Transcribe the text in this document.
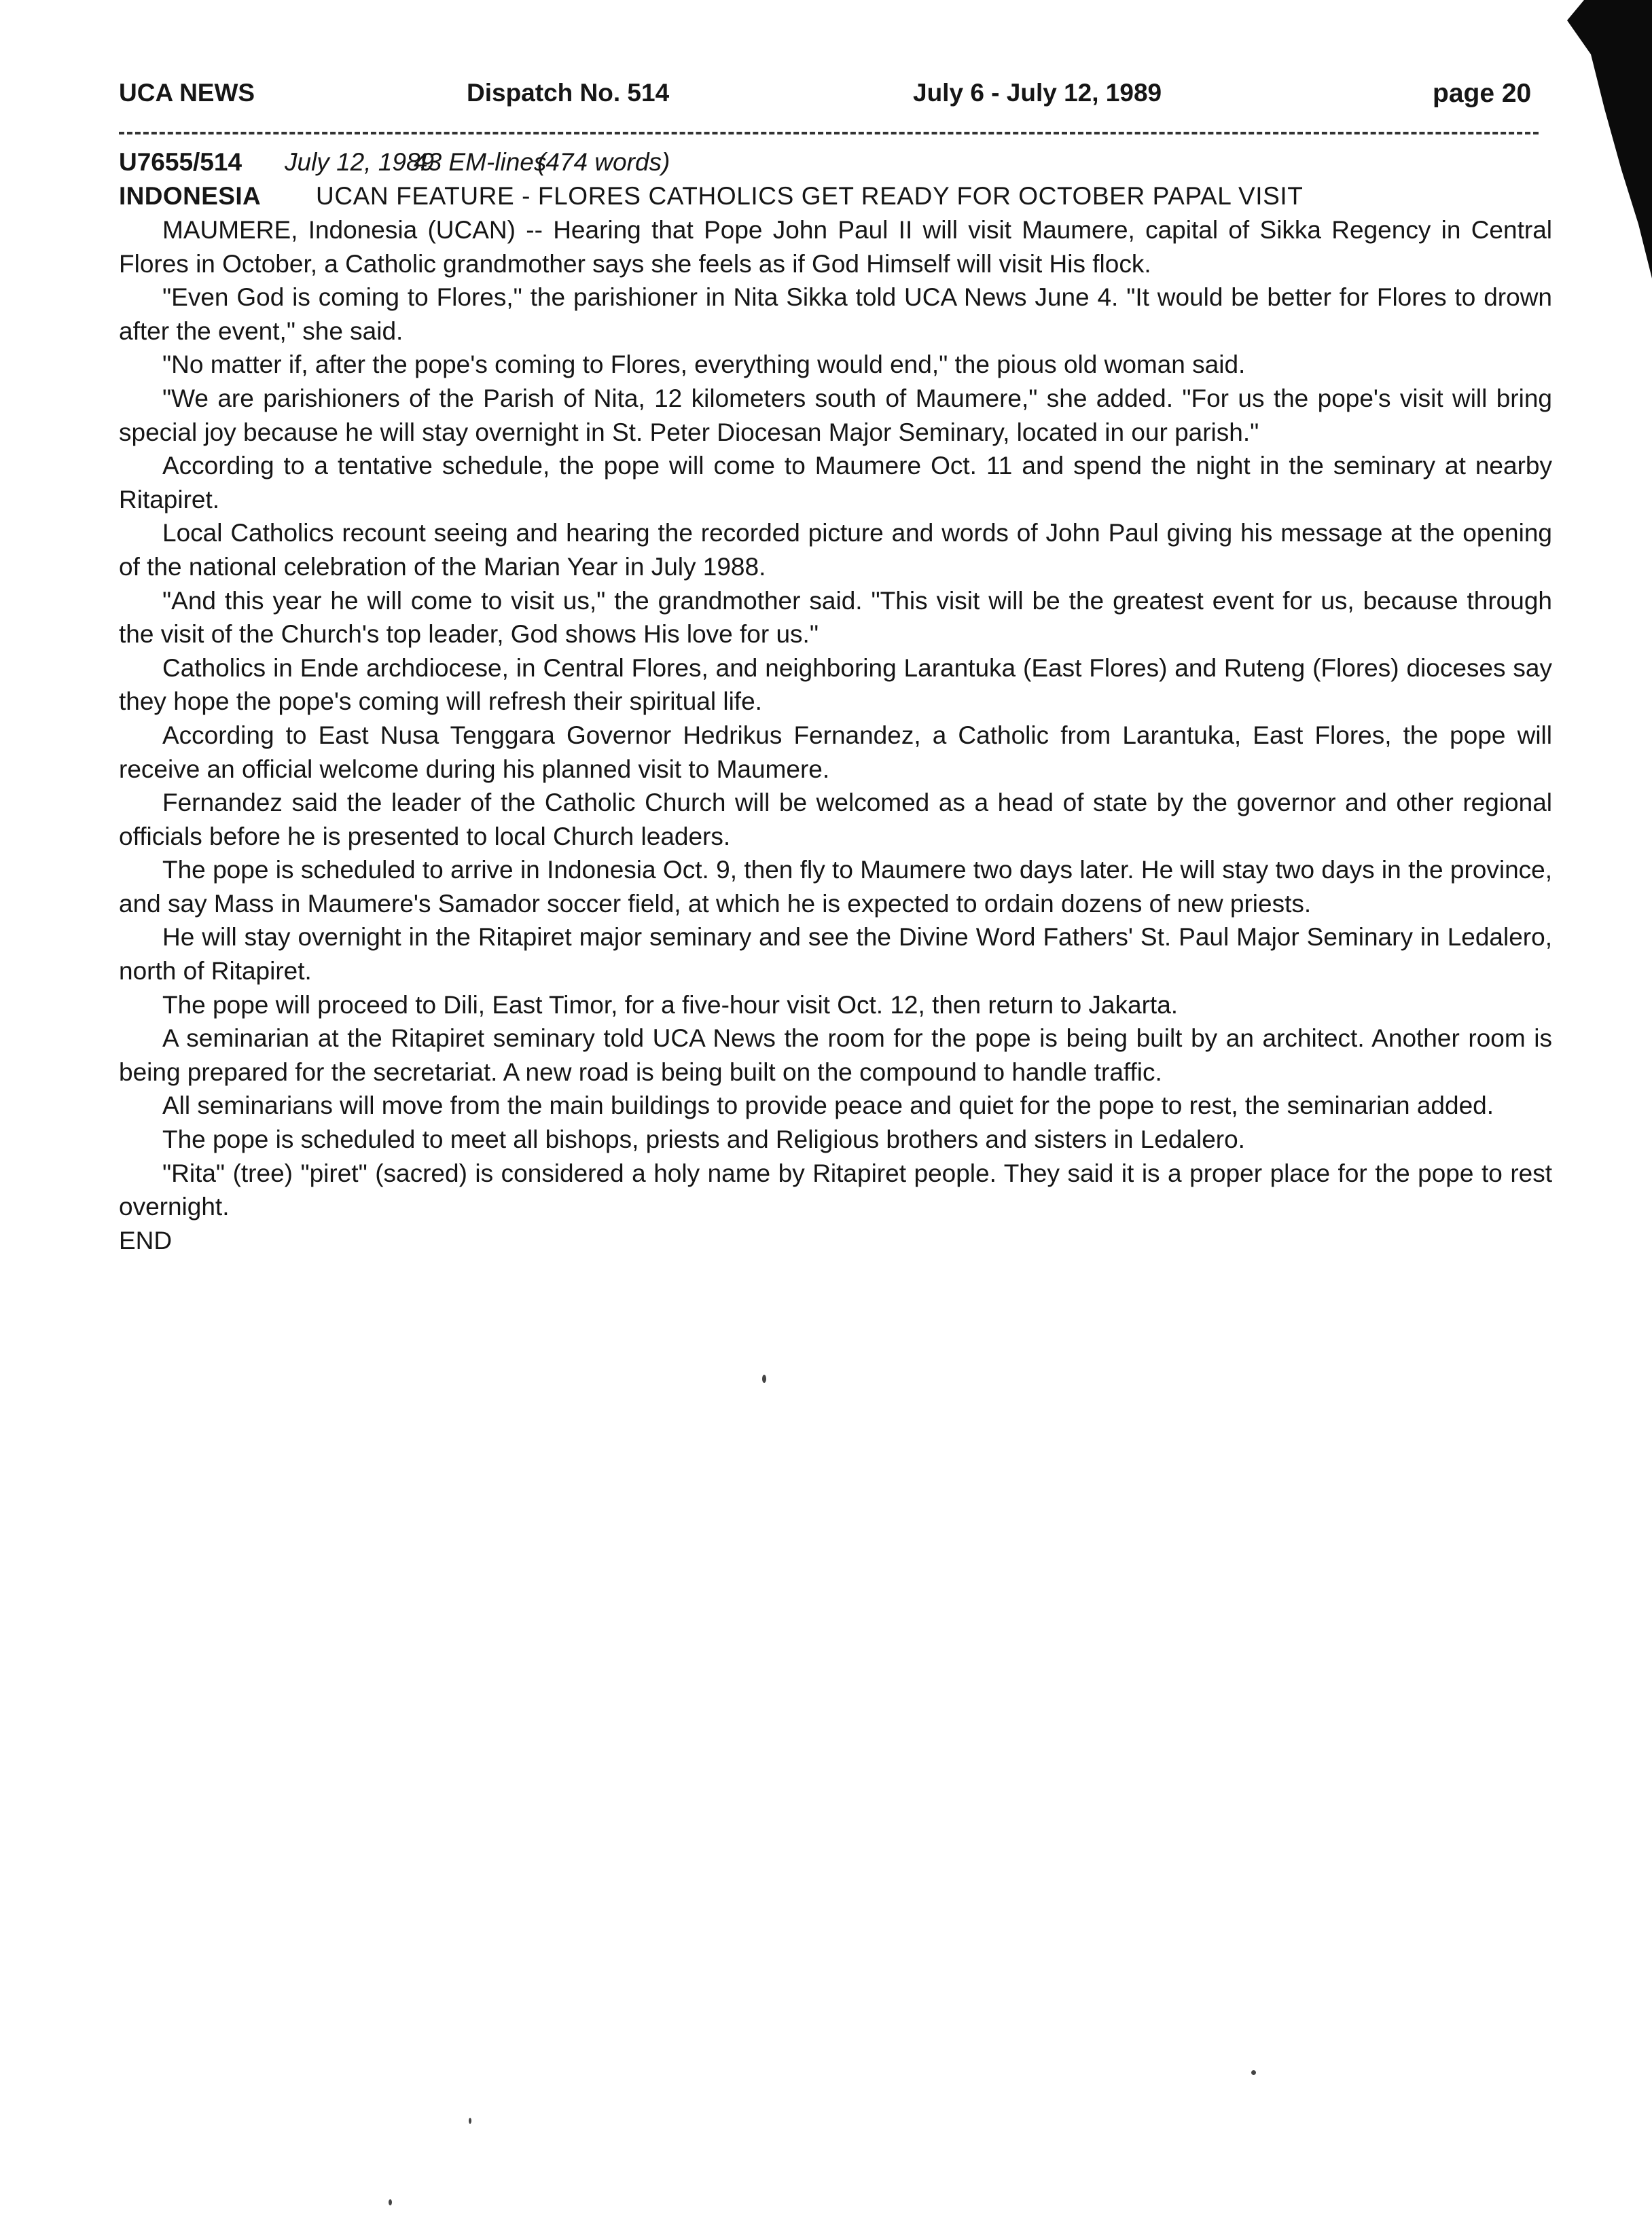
UCA NEWS	Dispatch No. 514	July 6 - July 12, 1989	page 20
U7655/514 July 12, 198943 EM-lines(474 words)
INDONESIA UCAN FEATURE - FLORES CATHOLICS GET READY FOR OCTOBER PAPAL VISIT

MAUMERE, Indonesia (UCAN) -- Hearing that Pope John Paul II will visit Maumere, capital of Sikka Regency in Central Flores in October, a Catholic grandmother says she feels as if God Himself will visit His flock.

"Even God is coming to Flores," the parishioner in Nita Sikka told UCA News June 4. "It would be better for Flores to drown after the event," she said.

"No matter if, after the pope's coming to Flores, everything would end," the pious old woman said.

"We are parishioners of the Parish of Nita, 12 kilometers south of Maumere," she added. "For us the pope's visit will bring special joy because he will stay overnight in St. Peter Diocesan Major Seminary, located in our parish."

According to a tentative schedule, the pope will come to Maumere Oct. 11 and spend the night in the seminary at nearby Ritapiret.

Local Catholics recount seeing and hearing the recorded picture and words of John Paul giving his message at the opening of the national celebration of the Marian Year in July 1988.

"And this year he will come to visit us," the grandmother said. "This visit will be the greatest event for us, because through the visit of the Church's top leader, God shows His love for us."

Catholics in Ende archdiocese, in Central Flores, and neighboring Larantuka (East Flores) and Ruteng (Flores) dioceses say they hope the pope's coming will refresh their spiritual life.

According to East Nusa Tenggara Governor Hedrikus Fernandez, a Catholic from Larantuka, East Flores, the pope will receive an official welcome during his planned visit to Maumere.

Fernandez said the leader of the Catholic Church will be welcomed as a head of state by the governor and other regional officials before he is presented to local Church leaders.

The pope is scheduled to arrive in Indonesia Oct. 9, then fly to Maumere two days later. He will stay two days in the province, and say Mass in Maumere's Samador soccer field, at which he is expected to ordain dozens of new priests.

He will stay overnight in the Ritapiret major seminary and see the Divine Word Fathers' St. Paul Major Seminary in Ledalero, north of Ritapiret.

The pope will proceed to Dili, East Timor, for a five-hour visit Oct. 12, then return to Jakarta.

A seminarian at the Ritapiret seminary told UCA News the room for the pope is being built by an architect. Another room is being prepared for the secretariat. A new road is being built on the compound to handle traffic.

All seminarians will move from the main buildings to provide peace and quiet for the pope to rest, the seminarian added.

The pope is scheduled to meet all bishops, priests and Religious brothers and sisters in Ledalero.

"Rita" (tree) "piret" (sacred) is considered a holy name by Ritapiret people. They said it is a proper place for the pope to rest overnight.

END
